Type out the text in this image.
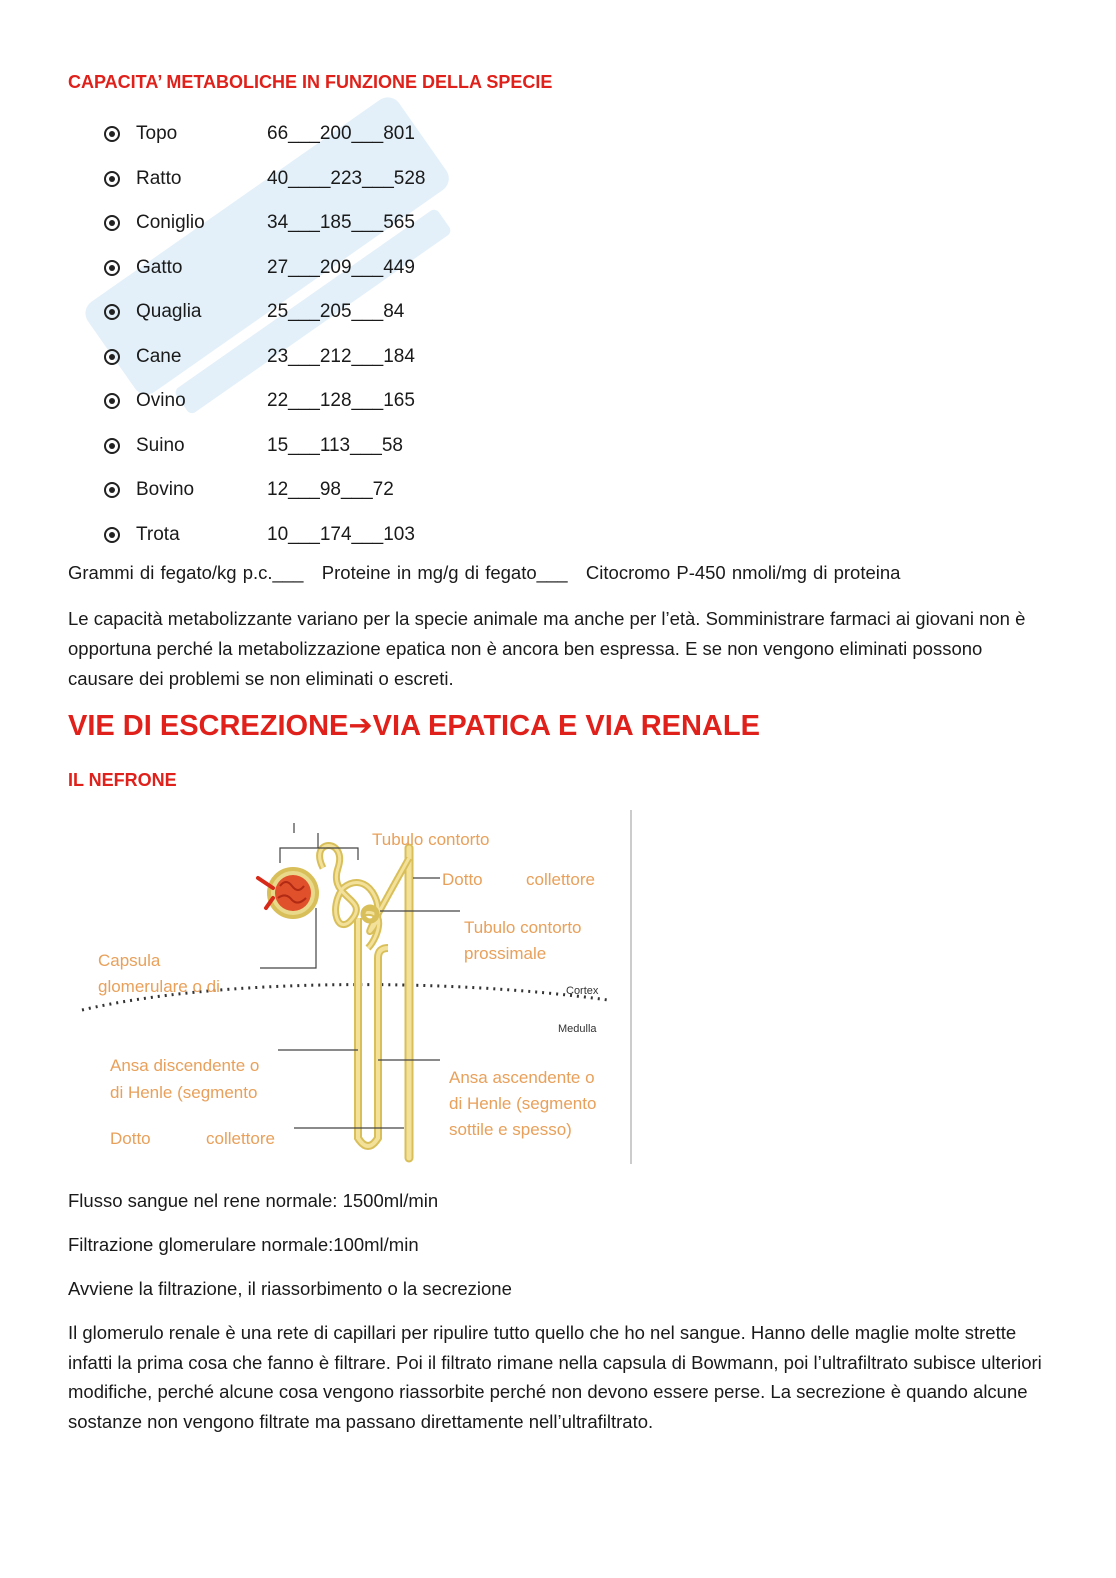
CAPACITA’ METABOLICHE IN FUNZIONE DELLA SPECIE
Topo	66___200___801
Ratto	40____223___528
Coniglio	34___185___565
Gatto	27___209___449
Quaglia	25___205___84
Cane	23___212___184
Ovino	22___128___165
Suino	15___113___58
Bovino	12___98___72
Trota	10___174___103

Grammi di fegato/kg p.c.___   Proteine in mg/g di fegato___   Citocromo P-450 nmoli/mg di proteina

Le capacità metabolizzante variano per la specie animale ma anche per l’età. Somministrare farmaci ai giovani non è opportuna perché la metabolizzazione epatica non è ancora ben espressa. E se non vengono eliminati possono causare dei problemi se non eliminati o escreti.

VIE DI ESCREZIONE➔VIA EPATICA E VIA RENALE
IL NEFRONE
Tubulo contorto
Dotto	collettore
Tubulo contorto
prossimale
Capsula
glomerulare o di	Cortex
Medulla
Ansa discendente o
di Henle (segmento
Ansa ascendente o
di Henle (segmento
sottile e spesso)
Dotto	collettore

Flusso sangue nel rene normale: 1500ml/min

Filtrazione glomerulare normale:100ml/min

Avviene la filtrazione, il riassorbimento o la secrezione

Il glomerulo renale è una rete di capillari per ripulire tutto quello che ho nel sangue. Hanno delle maglie molte strette infatti la prima cosa che fanno è filtrare. Poi il filtrato rimane nella capsula di Bowmann, poi l’ultrafiltrato subisce ulteriori modifiche, perché alcune cosa vengono riassorbite perché non devono essere perse. La secrezione è quando alcune sostanze non vengono filtrate ma passano direttamente nell’ultrafiltrato.
